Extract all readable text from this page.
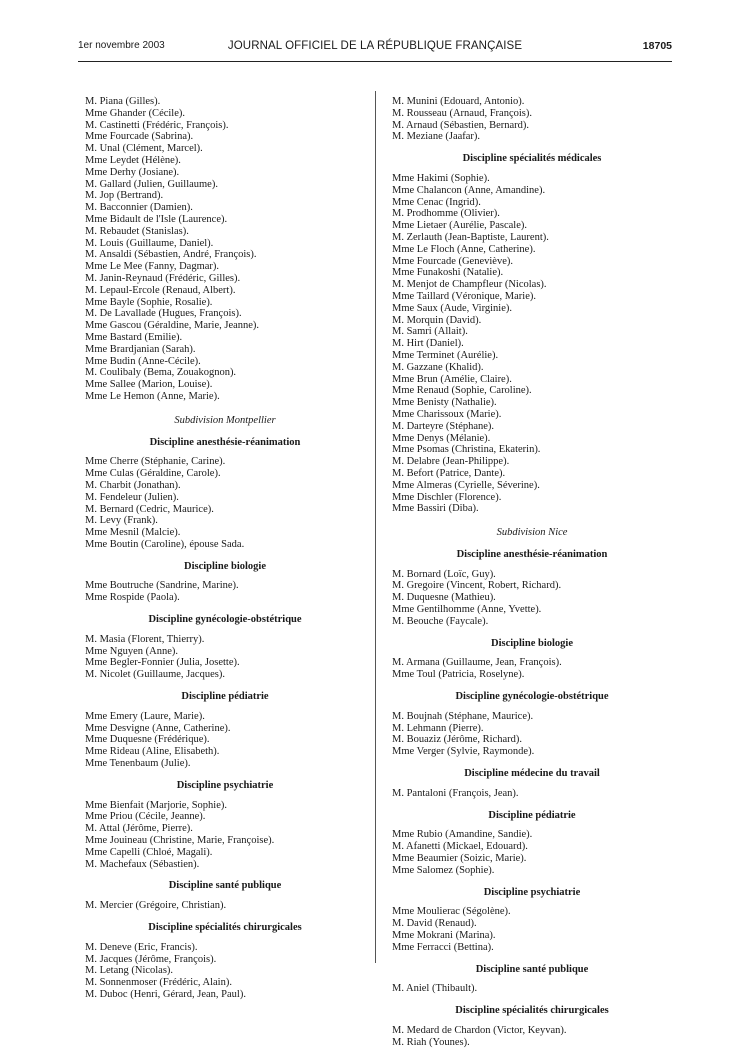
1er novembre 2003	JOURNAL OFFICIEL DE LA RÉPUBLIQUE FRANÇAISE	18705
M. Piana (Gilles).
Mme Ghander (Cécile).
M. Castinetti (Frédéric, François).
Mme Fourcade (Sabrina).
M. Unal (Clément, Marcel).
Mme Leydet (Hélène).
Mme Derhy (Josiane).
M. Gallard (Julien, Guillaume).
M. Jop (Bertrand).
M. Bacconnier (Damien).
Mme Bidault de l'Isle (Laurence).
M. Rebaudet (Stanislas).
M. Louis (Guillaume, Daniel).
M. Ansaldi (Sébastien, André, François).
Mme Le Mee (Fanny, Dagmar).
M. Janin-Reynaud (Frédéric, Gilles).
M. Lepaul-Ercole (Renaud, Albert).
Mme Bayle (Sophie, Rosalie).
M. De Lavallade (Hugues, François).
Mme Gascou (Géraldine, Marie, Jeanne).
Mme Bastard (Emilie).
Mme Brardjanian (Sarah).
Mme Budin (Anne-Cécile).
M. Coulibaly (Bema, Zouakognon).
Mme Sallee (Marion, Louise).
Mme Le Hemon (Anne, Marie).
Subdivision Montpellier
Discipline anesthésie-réanimation
Mme Cherre (Stéphanie, Carine).
Mme Culas (Géraldine, Carole).
M. Charbit (Jonathan).
M. Fendeleur (Julien).
M. Bernard (Cedric, Maurice).
M. Levy (Frank).
Mme Mesnil (Malcie).
Mme Boutin (Caroline), épouse Sada.
Discipline biologie
Mme Boutruche (Sandrine, Marine).
Mme Rospide (Paola).
Discipline gynécologie-obstétrique
M. Masia (Florent, Thierry).
Mme Nguyen (Anne).
Mme Begler-Fonnier (Julia, Josette).
M. Nicolet (Guillaume, Jacques).
Discipline pédiatrie
Mme Emery (Laure, Marie).
Mme Desvigne (Anne, Catherine).
Mme Duquesne (Frédérique).
Mme Rideau (Aline, Elisabeth).
Mme Tenenbaum (Julie).
Discipline psychiatrie
Mme Bienfait (Marjorie, Sophie).
Mme Priou (Cécile, Jeanne).
M. Attal (Jérôme, Pierre).
Mme Jouineau (Christine, Marie, Françoise).
Mme Capelli (Chloé, Magali).
M. Machefaux (Sébastien).
Discipline santé publique
M. Mercier (Grégoire, Christian).
Discipline spécialités chirurgicales
M. Deneve (Eric, Francis).
M. Jacques (Jérôme, François).
M. Letang (Nicolas).
M. Sonnenmoser (Frédéric, Alain).
M. Duboc (Henri, Gérard, Jean, Paul).
M. Munini (Edouard, Antonio).
M. Rousseau (Arnaud, François).
M. Arnaud (Sébastien, Bernard).
M. Meziane (Jaafar).
Discipline spécialités médicales
Mme Hakimi (Sophie).
Mme Chalancon (Anne, Amandine).
Mme Cenac (Ingrid).
M. Prodhomme (Olivier).
Mme Lietaer (Aurélie, Pascale).
M. Zerlauth (Jean-Baptiste, Laurent).
Mme Le Floch (Anne, Catherine).
Mme Fourcade (Geneviève).
Mme Funakoshi (Natalie).
M. Menjot de Champfleur (Nicolas).
Mme Taillard (Véronique, Marie).
Mme Saux (Aude, Virginie).
M. Morquin (David).
M. Samri (Allait).
M. Hirt (Daniel).
Mme Terminet (Aurélie).
M. Gazzane (Khalid).
Mme Brun (Amélie, Claire).
Mme Renaud (Sophie, Caroline).
Mme Benisty (Nathalie).
Mme Charissoux (Marie).
M. Darteyre (Stéphane).
Mme Denys (Mélanie).
Mme Psomas (Christina, Ekaterin).
M. Delabre (Jean-Philippe).
M. Befort (Patrice, Dante).
Mme Almeras (Cyrielle, Séverine).
Mme Dischler (Florence).
Mme Bassiri (Diba).
Subdivision Nice
Discipline anesthésie-réanimation
M. Bornard (Loïc, Guy).
M. Gregoire (Vincent, Robert, Richard).
M. Duquesne (Mathieu).
Mme Gentilhomme (Anne, Yvette).
M. Beouche (Faycale).
Discipline biologie
M. Armana (Guillaume, Jean, François).
Mme Toul (Patricia, Roselyne).
Discipline gynécologie-obstétrique
M. Boujnah (Stéphane, Maurice).
M. Lehmann (Pierre).
M. Bouaziz (Jérôme, Richard).
Mme Verger (Sylvie, Raymonde).
Discipline médecine du travail
M. Pantaloni (François, Jean).
Discipline pédiatrie
Mme Rubio (Amandine, Sandie).
M. Afanetti (Mickael, Edouard).
Mme Beaumier (Soizic, Marie).
Mme Salomez (Sophie).
Discipline psychiatrie
Mme Moulierac (Ségolène).
M. David (Renaud).
Mme Mokrani (Marina).
Mme Ferracci (Bettina).
Discipline santé publique
M. Aniel (Thibault).
Discipline spécialités chirurgicales
M. Medard de Chardon (Victor, Keyvan).
M. Riah (Younes).
